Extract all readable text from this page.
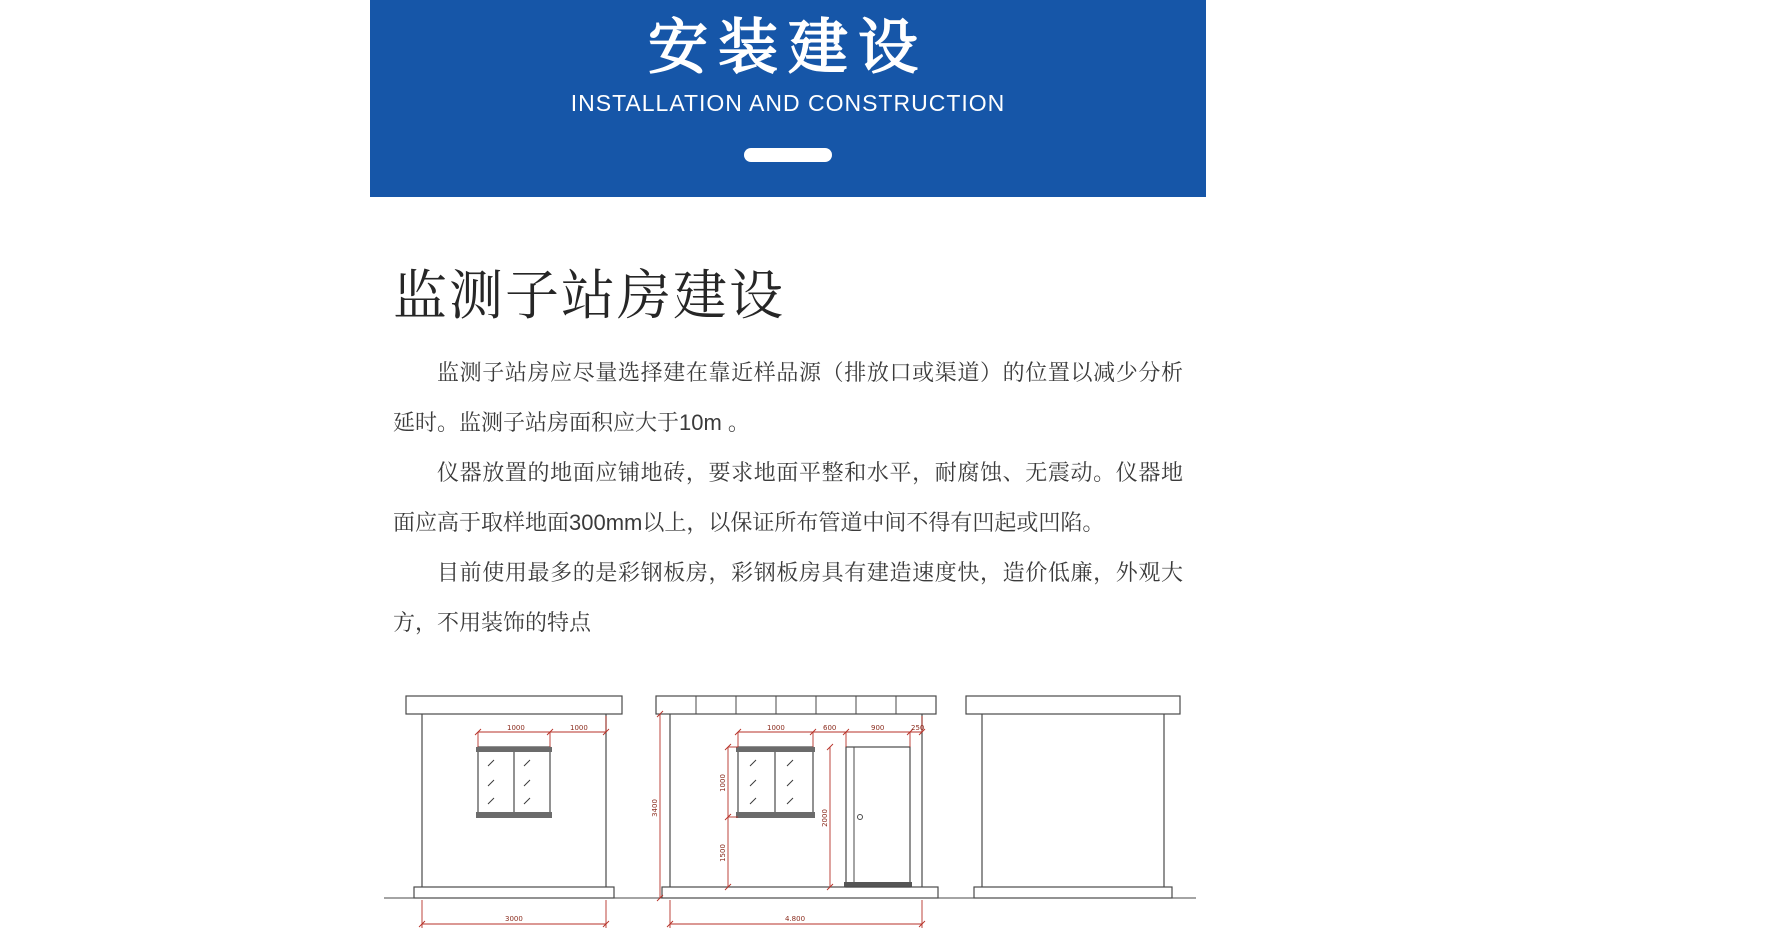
安装建设
INSTALLATION AND CONSTRUCTION
监测子站房建设

监测子站房应尽量选择建在靠近样品源（排放口或渠道）的位置以减少分析延时。监测子站房面积应大于10m 。

仪器放置的地面应铺地砖，要求地面平整和水平，耐腐蚀、无震动。仪器地面应高于取样地面300mm以上，以保证所布管道中间不得有凹起或凹陷。

目前使用最多的是彩钢板房，彩钢板房具有建造速度快，造价低廉，外观大方，不用装饰的特点

1000	1000
3000
1000	600	900	250
3400
1000
1500
2000
4.800
